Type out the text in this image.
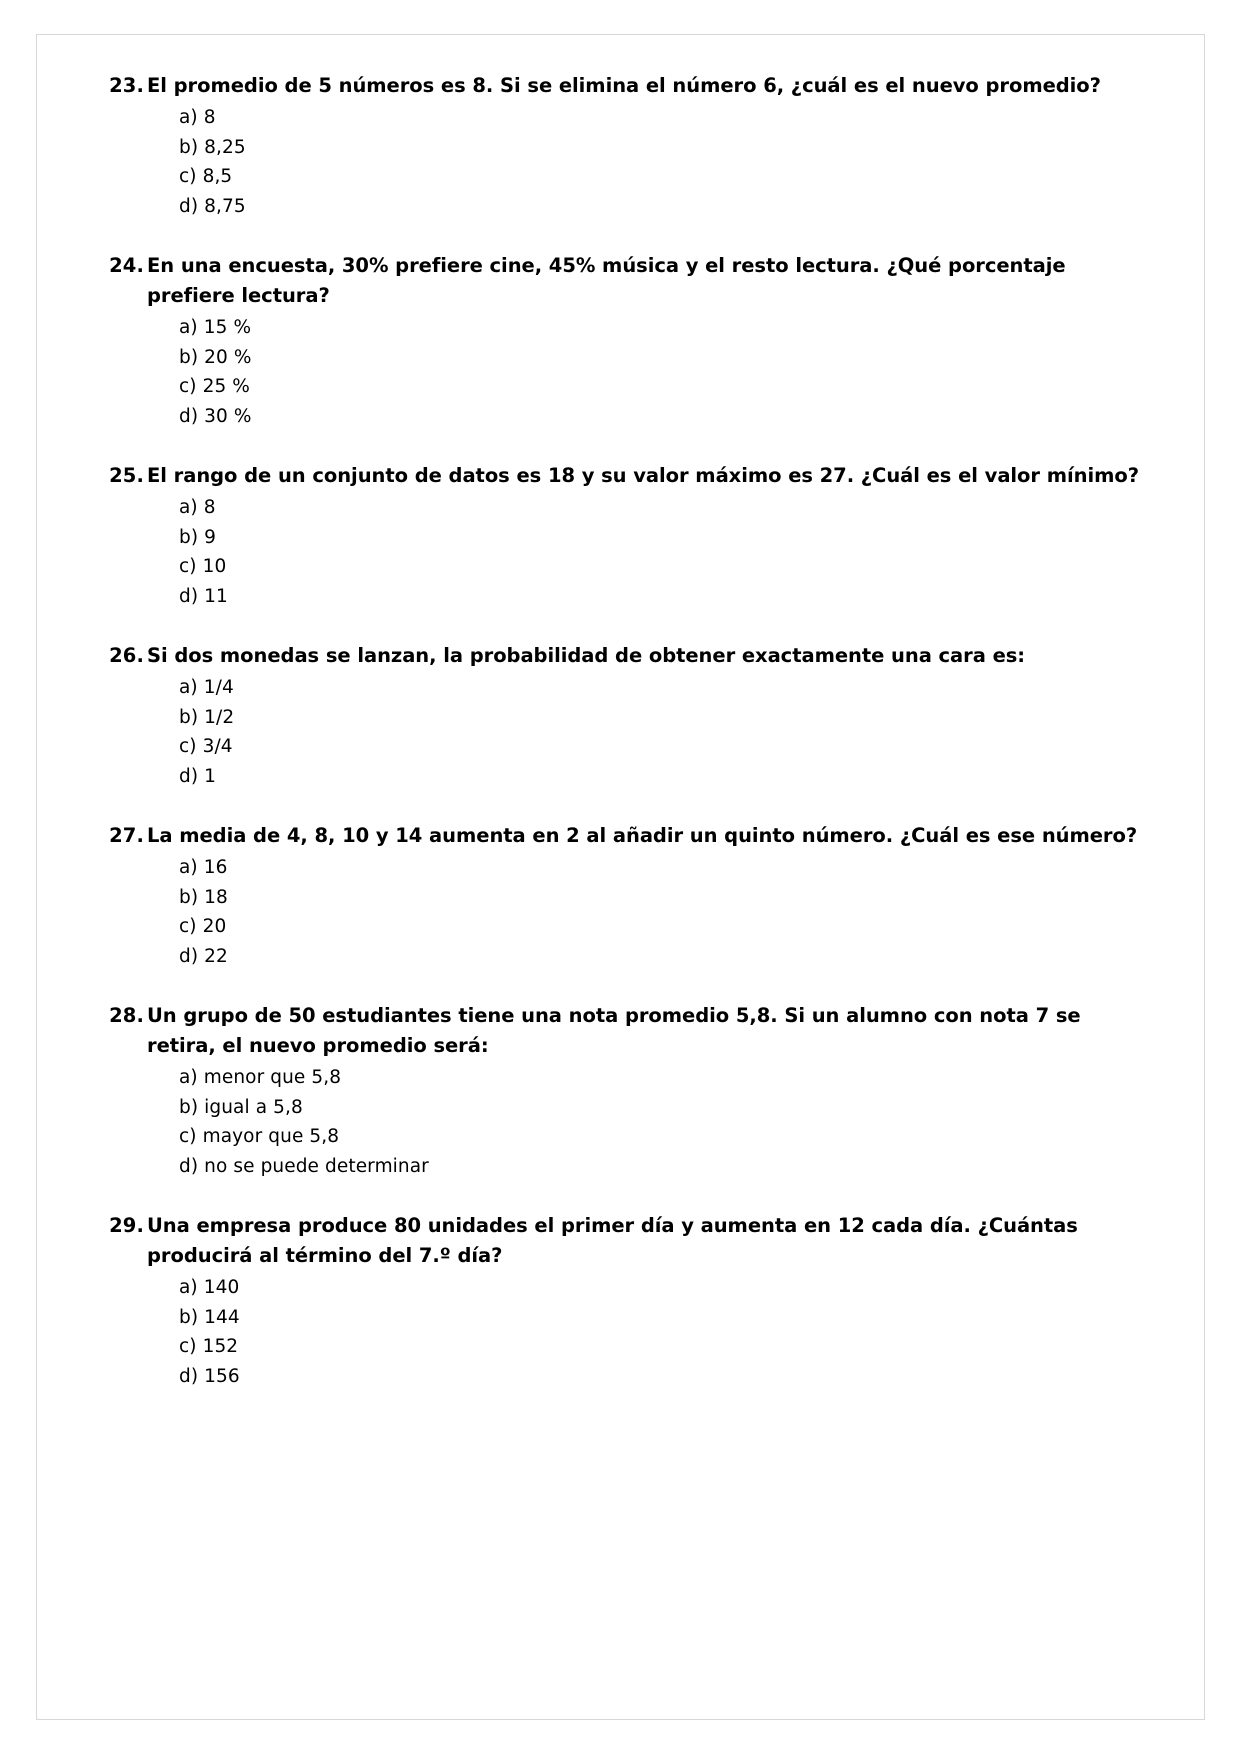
23. El promedio de 5 números es 8. Si se elimina el número 6, ¿cuál es el nuevo promedio?

a) 8
b) 8,25
c) 8,5
d) 8,75
24. En una encuesta, 30% prefiere cine, 45% música y el resto lectura. ¿Qué porcentaje prefiere lectura?

a) 15 %
b) 20 %
c) 25 %
d) 30 %
25. El rango de un conjunto de datos es 18 y su valor máximo es 27. ¿Cuál es el valor mínimo?

a) 8
b) 9
c) 10
d) 11
26. Si dos monedas se lanzan, la probabilidad de obtener exactamente una cara es:

a) 1/4
b) 1/2
c) 3/4
d) 1
27. La media de 4, 8, 10 y 14 aumenta en 2 al añadir un quinto número. ¿Cuál es ese número?

a) 16
b) 18
c) 20
d) 22
28. Un grupo de 50 estudiantes tiene una nota promedio 5,8. Si un alumno con nota 7 se retira, el nuevo promedio será:

a) menor que 5,8
b) igual a 5,8
c) mayor que 5,8
d) no se puede determinar
29. Una empresa produce 80 unidades el primer día y aumenta en 12 cada día. ¿Cuántas producirá al término del 7.º día?

a) 140
b) 144
c) 152
d) 156
